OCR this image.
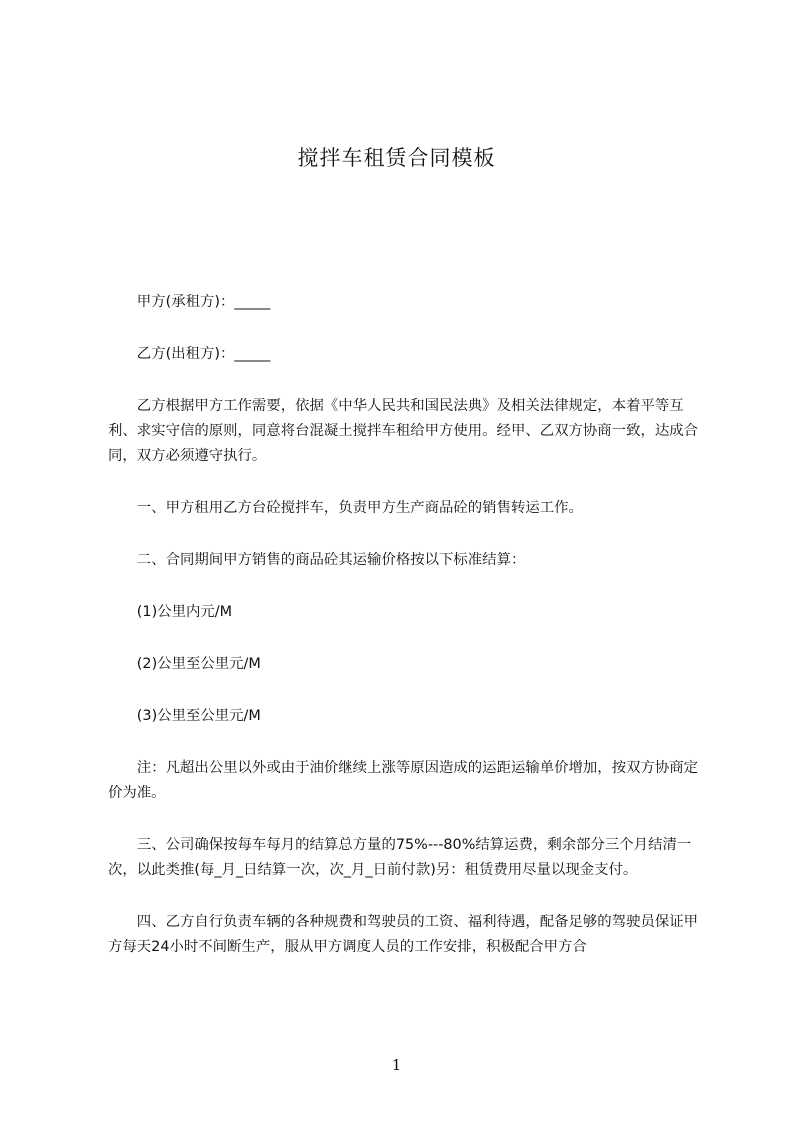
搅拌车租赁合同模板

甲方(承租方)：_____

乙方(出租方)：_____

乙方根据甲方工作需要，依据《中华人民共和国民法典》及相关法律规定，本着平等互利、求实守信的原则，同意将台混凝土搅拌车租给甲方使用。经甲、乙双方协商一致，达成合同，双方必须遵守执行。

一、甲方租用乙方台砼搅拌车，负责甲方生产商品砼的销售转运工作。

二、合同期间甲方销售的商品砼其运输价格按以下标准结算：

(1)公里内元/M

(2)公里至公里元/M

(3)公里至公里元/M

注：凡超出公里以外或由于油价继续上涨等原因造成的运距运输单价增加，按双方协商定价为准。

三、公司确保按每车每月的结算总方量的75%---80%结算运费，剩余部分三个月结清一次，以此类推(每_月_日结算一次，次_月_日前付款)另：租赁费用尽量以现金支付。

四、乙方自行负责车辆的各种规费和驾驶员的工资、福利待遇，配备足够的驾驶员保证甲方每天24小时不间断生产，服从甲方调度人员的工作安排，积极配合甲方合

1
